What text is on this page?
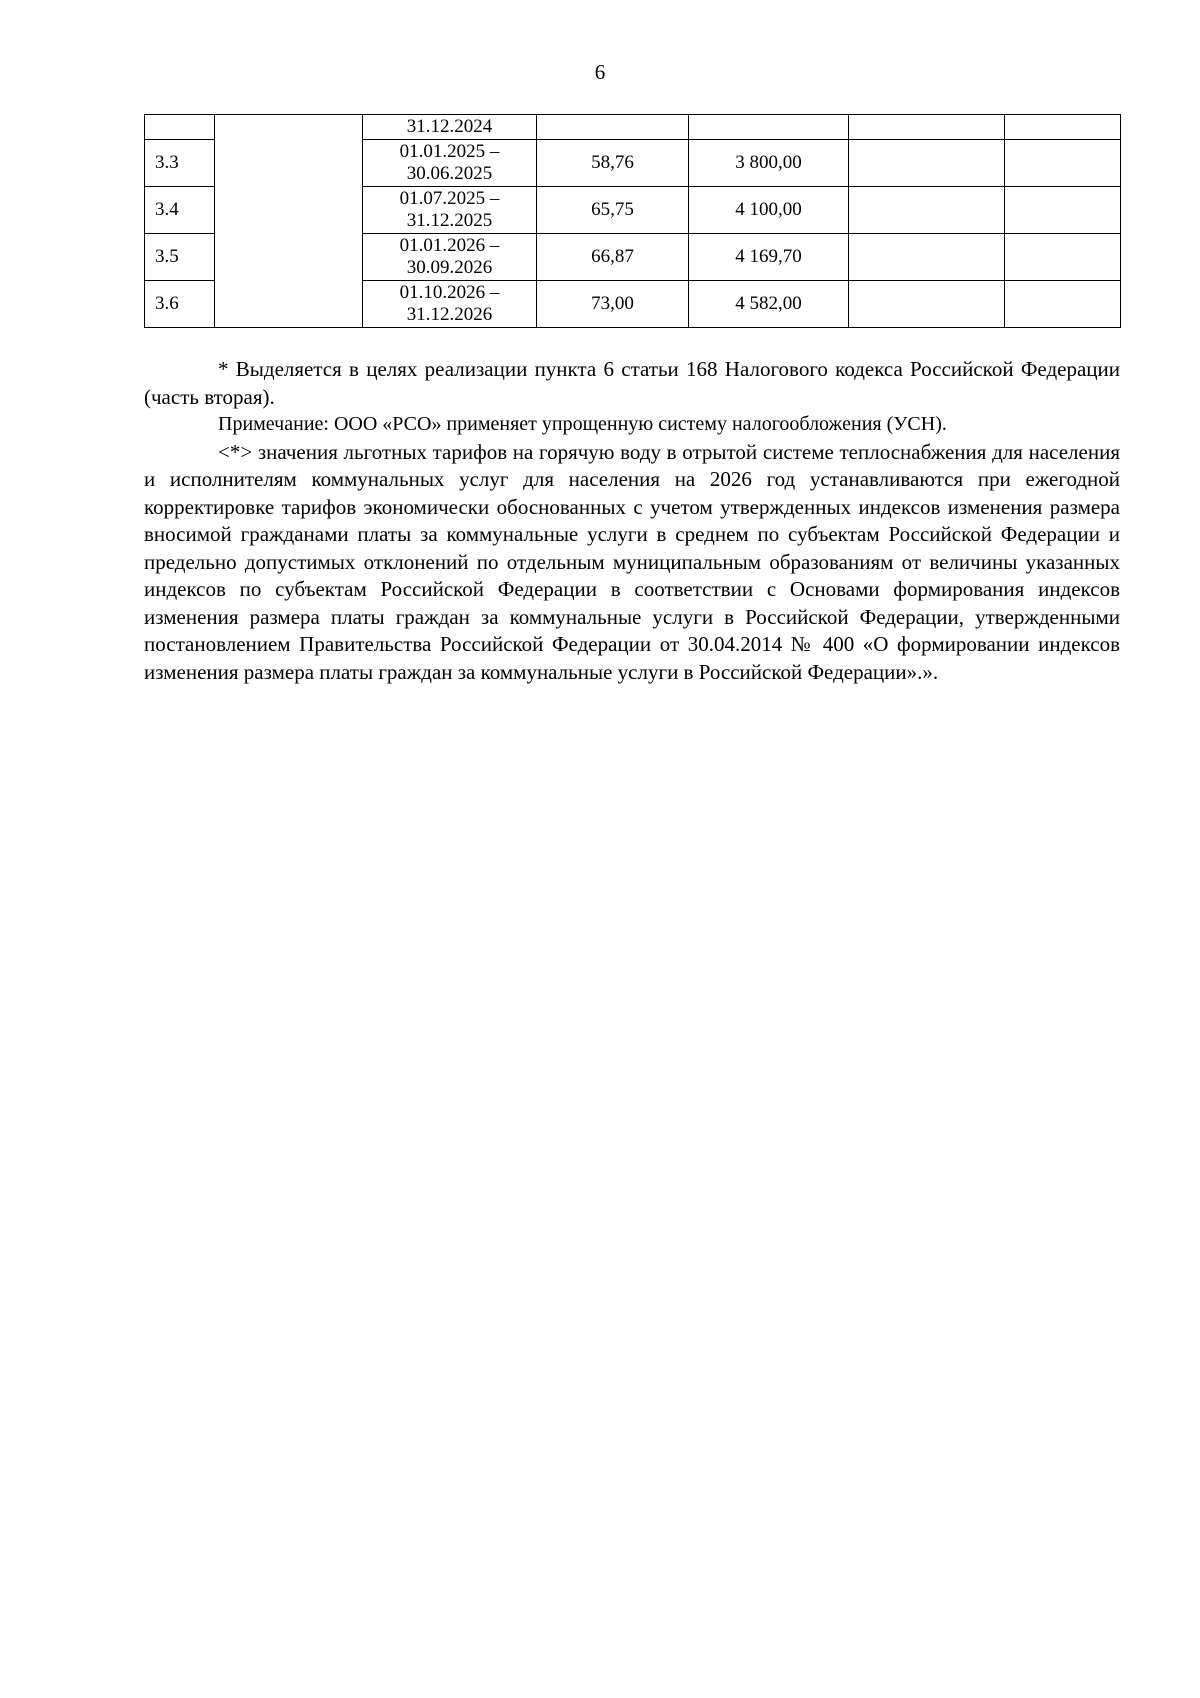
6
		31.12.2024				
3.3		01.01.2025 –
30.06.2025	58,76	3 800,00		
3.4		01.07.2025 –
31.12.2025	65,75	4 100,00		
3.5		01.01.2026 –
30.09.2026	66,87	4 169,70		
3.6		01.10.2026 –
31.12.2026	73,00	4 582,00		

* Выделяется в целях реализации пункта 6 статьи 168 Налогового кодекса Российской Федерации (часть вторая).

Примечание: ООО «РСО» применяет упрощенную систему налогообложения (УСН).

<*> значения льготных тарифов на горячую воду в отрытой системе теплоснабжения для населения и исполнителям коммунальных услуг для населения на 2026 год устанавливаются при ежегодной корректировке тарифов экономически обоснованных с учетом утвержденных индексов изменения размера вносимой гражданами платы за коммунальные услуги в среднем по субъектам Российской Федерации и предельно допустимых отклонений по отдельным муниципальным образованиям от величины указанных индексов по субъектам Российской Федерации в соответствии с Основами формирования индексов изменения размера платы граждан за коммунальные услуги в Российской Федерации, утвержденными постановлением Правительства Российской Федерации от 30.04.2014 № 400 «О формировании индексов изменения размера платы граждан за коммунальные услуги в Российской Федерации».».
